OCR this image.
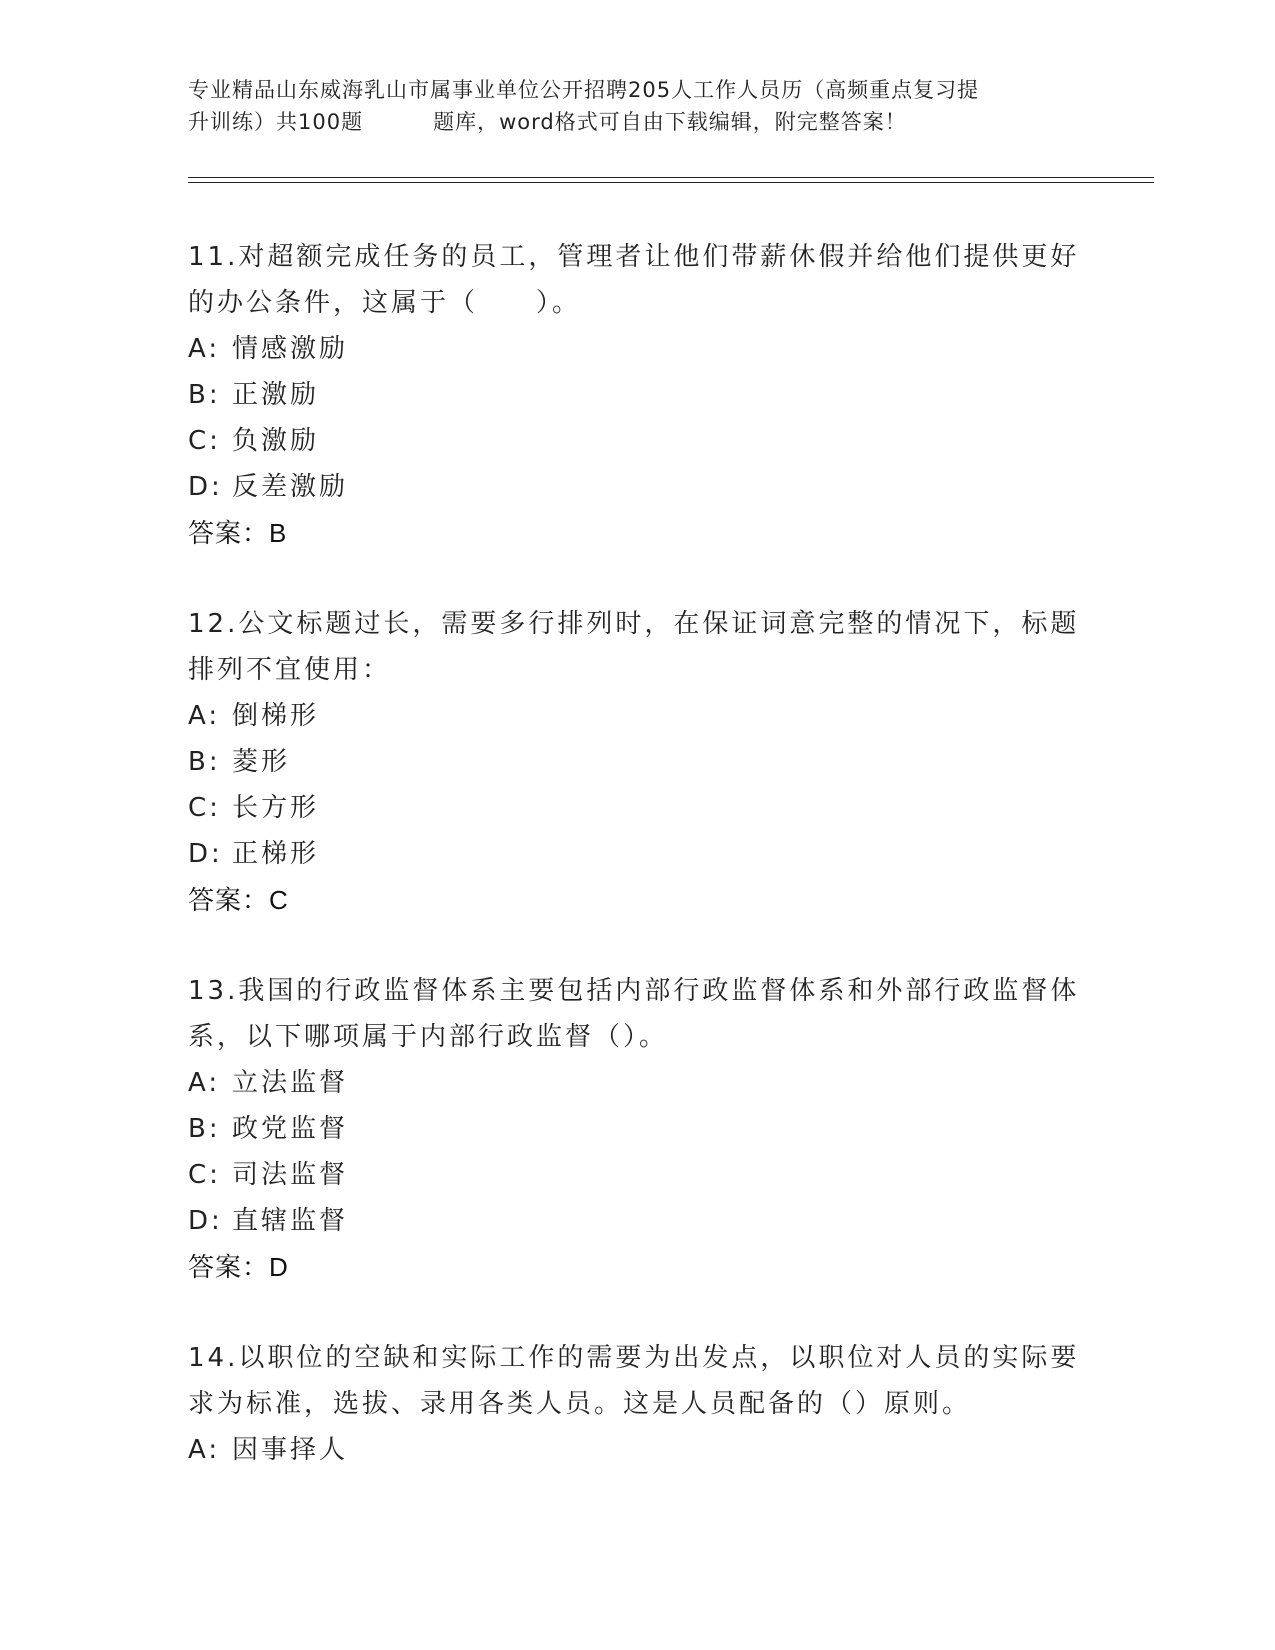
专业精品山东威海乳山市属事业单位公开招聘205人工作人员历（高频重点复习提
升训练）共100题	题库，word格式可自由下载编辑，附完整答案！
11.对超额完成任务的员工，管理者让他们带薪休假并给他们提供更好
的办公条件，这属于（　　）。
A: 情感激励
B: 正激励
C: 负激励
D: 反差激励
答案：B
12.公文标题过长，需要多行排列时，在保证词意完整的情况下，标题
排列不宜使用：
A: 倒梯形
B: 菱形
C: 长方形
D: 正梯形
答案：C
13.我国的行政监督体系主要包括内部行政监督体系和外部行政监督体
系，以下哪项属于内部行政监督（）。
A: 立法监督
B: 政党监督
C: 司法监督
D: 直辖监督
答案：D
14.以职位的空缺和实际工作的需要为出发点，以职位对人员的实际要
求为标准，选拔、录用各类人员。这是人员配备的（）原则。
A: 因事择人
